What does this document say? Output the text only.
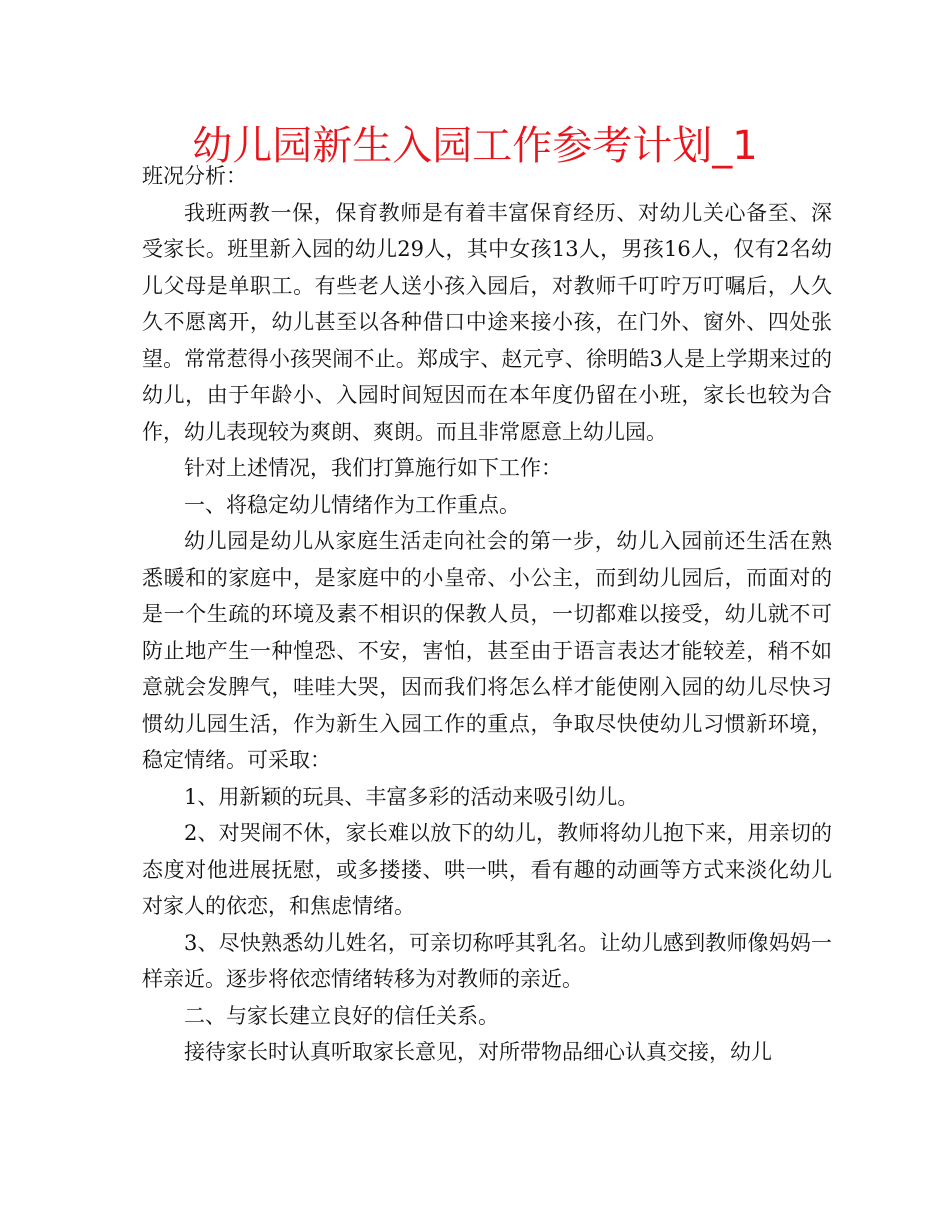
幼儿园新生入园工作参考计划_1

班况分析：

我班两教一保，保育教师是有着丰富保育经历、对幼儿关心备至、深受家长。班里新入园的幼儿29人，其中女孩13人，男孩16人，仅有2名幼儿父母是单职工。有些老人送小孩入园后，对教师千叮咛万叮嘱后，人久久不愿离开，幼儿甚至以各种借口中途来接小孩，在门外、窗外、四处张望。常常惹得小孩哭闹不止。郑成宇、赵元亨、徐明皓3人是上学期来过的幼儿，由于年龄小、入园时间短因而在本年度仍留在小班，家长也较为合作，幼儿表现较为爽朗、爽朗。而且非常愿意上幼儿园。

针对上述情况，我们打算施行如下工作：

一、将稳定幼儿情绪作为工作重点。

幼儿园是幼儿从家庭生活走向社会的第一步，幼儿入园前还生活在熟悉暖和的家庭中，是家庭中的小皇帝、小公主，而到幼儿园后，而面对的是一个生疏的环境及素不相识的保教人员，一切都难以接受，幼儿就不可防止地产生一种惶恐、不安，害怕，甚至由于语言表达才能较差，稍不如意就会发脾气，哇哇大哭，因而我们将怎么样才能使刚入园的幼儿尽快习惯幼儿园生活，作为新生入园工作的重点，争取尽快使幼儿习惯新环境，稳定情绪。可采取：

1、用新颖的玩具、丰富多彩的活动来吸引幼儿。

2、对哭闹不休，家长难以放下的幼儿，教师将幼儿抱下来，用亲切的态度对他进展抚慰，或多搂搂、哄一哄，看有趣的动画等方式来淡化幼儿对家人的依恋，和焦虑情绪。

3、尽快熟悉幼儿姓名，可亲切称呼其乳名。让幼儿感到教师像妈妈一样亲近。逐步将依恋情绪转移为对教师的亲近。

二、与家长建立良好的信任关系。

接待家长时认真听取家长意见，对所带物品细心认真交接，幼儿
